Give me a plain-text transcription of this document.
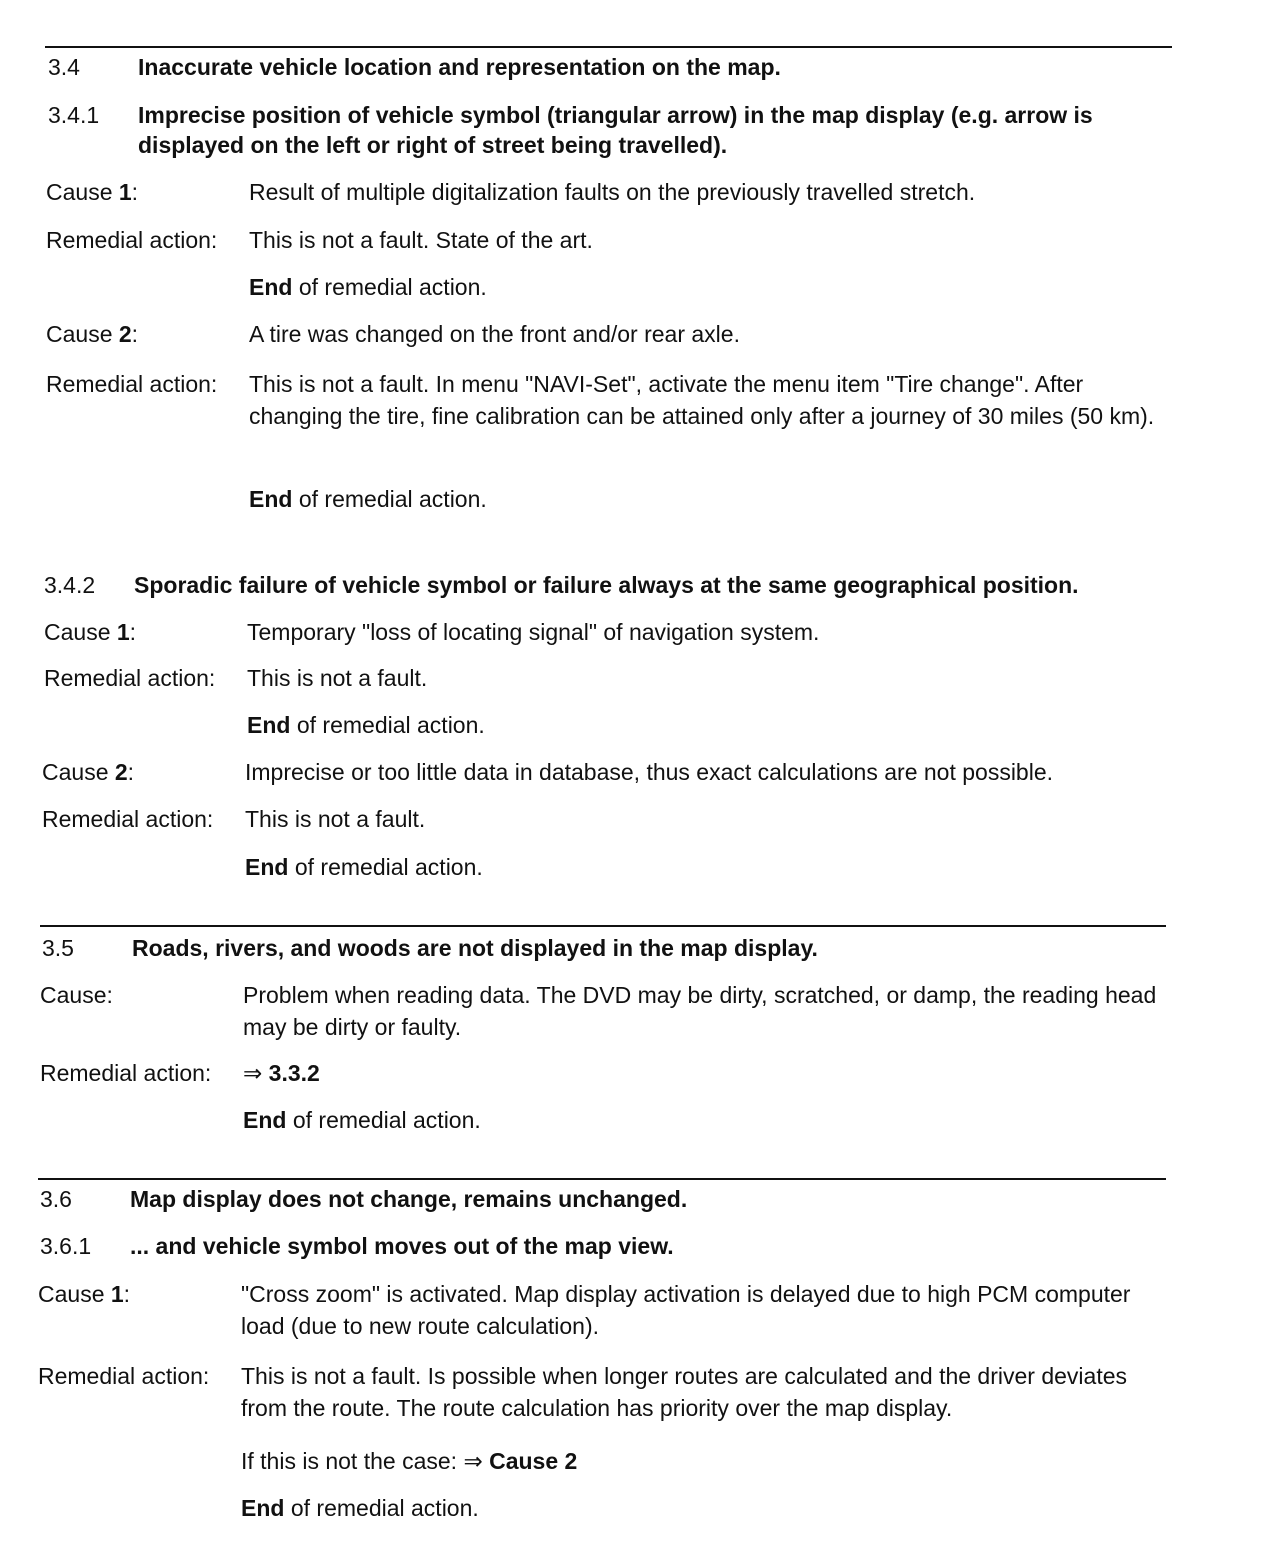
3.4	Inaccurate vehicle location and representation on the map.
3.4.1 Imprecise position of vehicle symbol (triangular arrow) in the map display (e.g. arrow is displayed on the left or right of street being travelled).
Cause 1:	Result of multiple digitalization faults on the previously travelled stretch.
Remedial action:	This is not a fault. State of the art.
End of remedial action.
Cause 2:	A tire was changed on the front and/or rear axle.
Remedial action:	This is not a fault. In menu "NAVI-Set", activate the menu item "Tire change". After changing the tire, fine calibration can be attained only after a journey of 30 miles (50 km).
End of remedial action.
3.4.2 Sporadic failure of vehicle symbol or failure always at the same geographical position.
Cause 1:	Temporary "loss of locating signal" of navigation system.
Remedial action:	This is not a fault.
End of remedial action.
Cause 2:	Imprecise or too little data in database, thus exact calculations are not possible.
Remedial action:	This is not a fault.
End of remedial action.
3.5	Roads, rivers, and woods are not displayed in the map display.
Cause:	Problem when reading data. The DVD may be dirty, scratched, or damp, the reading head may be dirty or faulty.
Remedial action:	⇒ 3.3.2
End of remedial action.
3.6	Map display does not change, remains unchanged.
3.6.1 ... and vehicle symbol moves out of the map view.
Cause 1:	"Cross zoom" is activated. Map display activation is delayed due to high PCM computer load (due to new route calculation).
Remedial action:	This is not a fault. Is possible when longer routes are calculated and the driver deviates from the route. The route calculation has priority over the map display.
If this is not the case: ⇒ Cause 2
End of remedial action.
